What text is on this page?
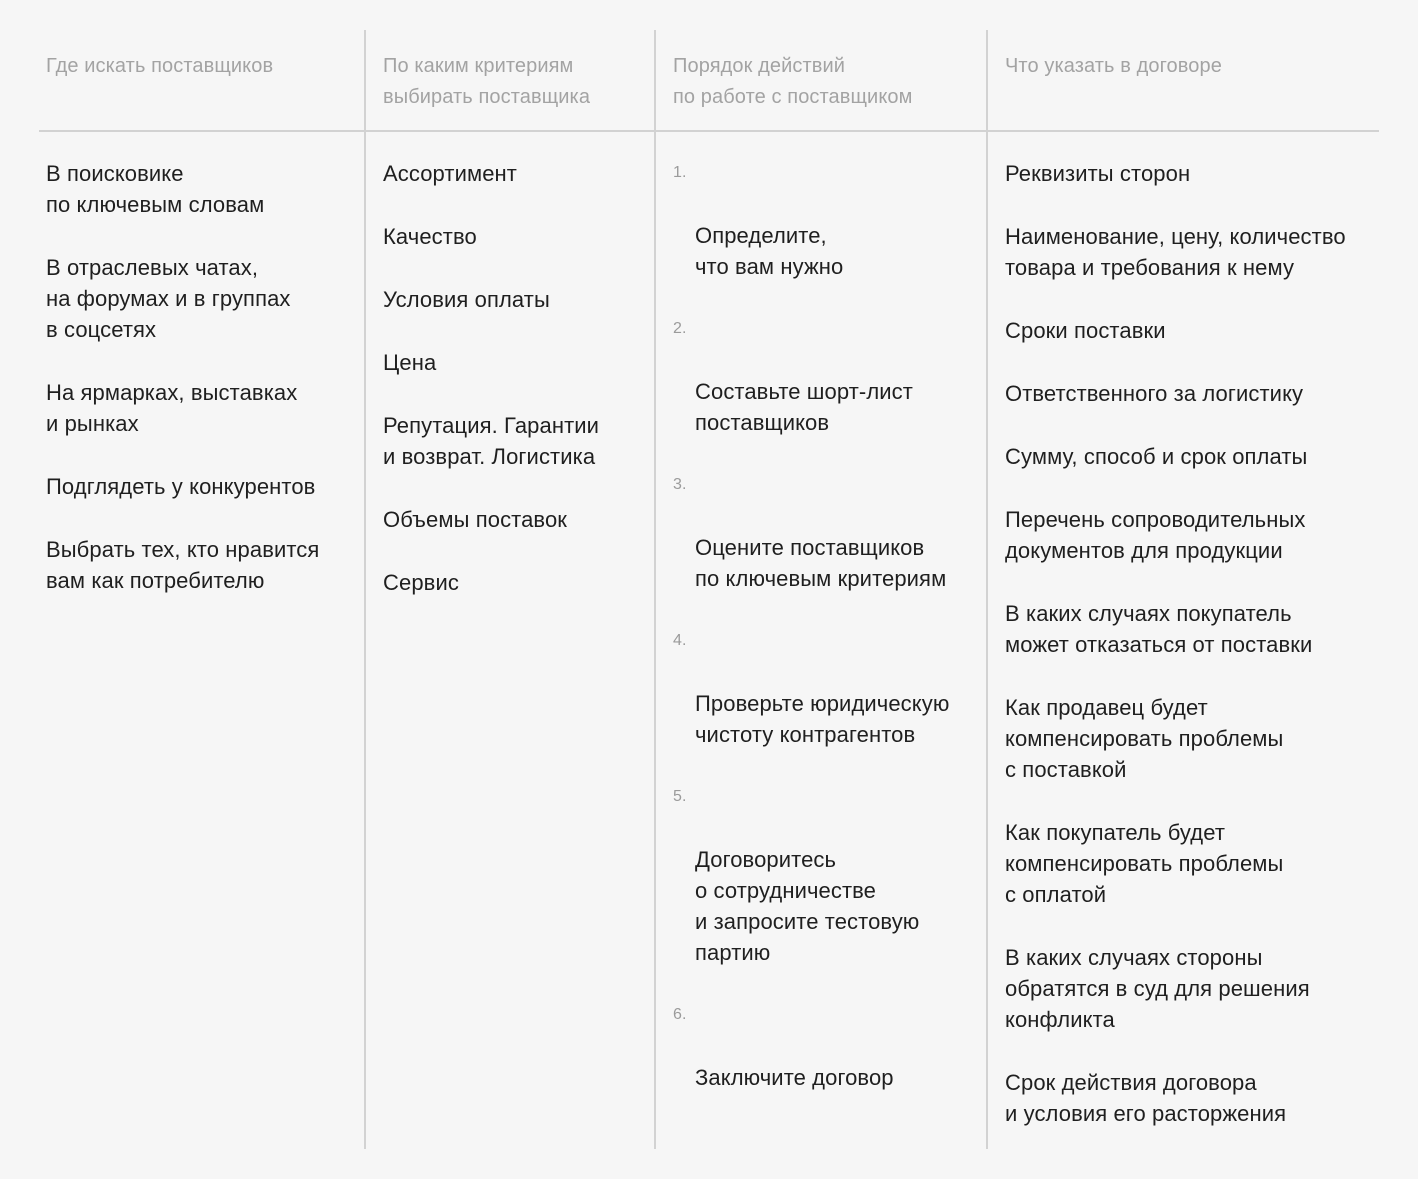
Где искать поставщиков
В поисковике
по ключевым словам
В отраслевых чатах,
на форумах и в группах
в соцсетях
На ярмарках, выставках
и рынках
Подглядеть у конкурентов
Выбрать тех, кто нравится
вам как потребителю
По каким критериям
выбирать поставщика
Ассортимент
Качество
Условия оплаты
Цена
Репутация. Гарантии
и возврат. Логистика
Объемы поставок
Сервис
Порядок действий
по работе с поставщиком

1.

Определите,
что вам нужно

2.

Составьте шорт-лист
поставщиков

3.

Оцените поставщиков
по ключевым критериям

4.

Проверьте юридическую
чистоту контрагентов

5.

Договоритесь
о сотрудничестве
и запросите тестовую
партию

6.

Заключите договор

Что указать в договоре
Реквизиты сторон
Наименование, цену, количество
товара и требования к нему
Сроки поставки
Ответственного за логистику
Сумму, способ и срок оплаты
Перечень сопроводительных
документов для продукции
В каких случаях покупатель
может отказаться от поставки
Как продавец будет
компенсировать проблемы
с поставкой
Как покупатель будет
компенсировать проблемы
с оплатой
В каких случаях стороны
обратятся в суд для решения
конфликта
Срок действия договора
и условия его расторжения
